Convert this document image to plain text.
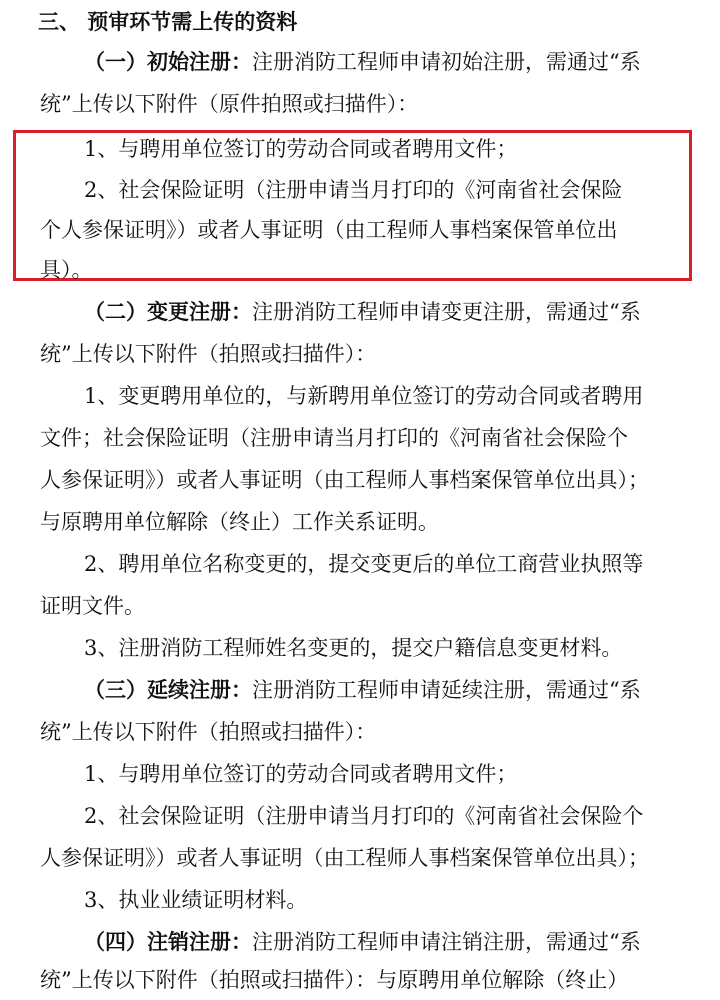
三、 预审环节需上传的资料
（一）初始注册：注册消防工程师申请初始注册，需通过“系
统”上传以下附件（原件拍照或扫描件）：
1、与聘用单位签订的劳动合同或者聘用文件；
2、社会保险证明（注册申请当月打印的《河南省社会保险
个人参保证明》）或者人事证明（由工程师人事档案保管单位出
具）。
（二）变更注册：注册消防工程师申请变更注册，需通过“系
统”上传以下附件（拍照或扫描件）：
1、变更聘用单位的，与新聘用单位签订的劳动合同或者聘用
文件；社会保险证明（注册申请当月打印的《河南省社会保险个
人参保证明》）或者人事证明（由工程师人事档案保管单位出具）；
与原聘用单位解除（终止）工作关系证明。
2、聘用单位名称变更的，提交变更后的单位工商营业执照等
证明文件。
3、注册消防工程师姓名变更的，提交户籍信息变更材料。
（三）延续注册：注册消防工程师申请延续注册，需通过“系
统”上传以下附件（拍照或扫描件）：
1、与聘用单位签订的劳动合同或者聘用文件；
2、社会保险证明（注册申请当月打印的《河南省社会保险个
人参保证明》）或者人事证明（由工程师人事档案保管单位出具）；
3、执业业绩证明材料。
（四）注销注册：注册消防工程师申请注销注册，需通过“系
统”上传以下附件（拍照或扫描件）：与原聘用单位解除（终止）
